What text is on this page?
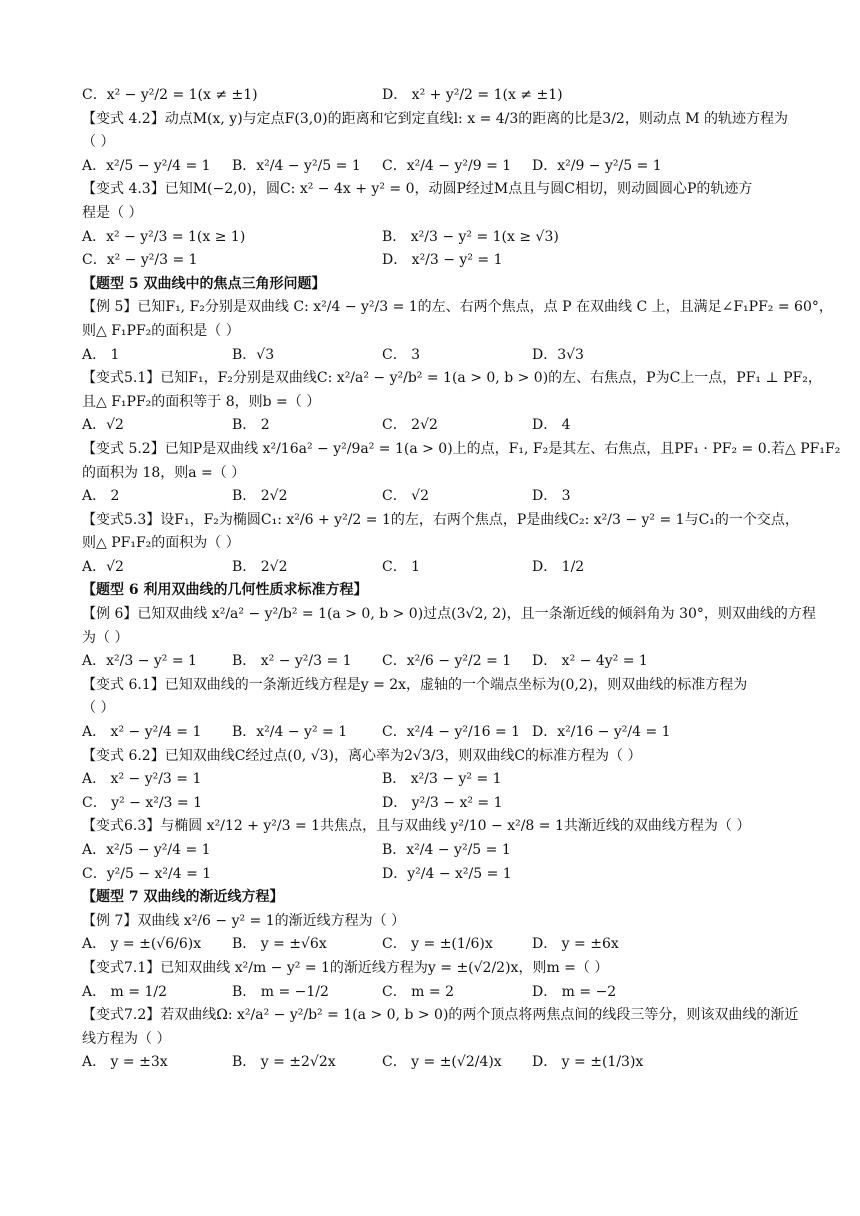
C．x² − y²/2 = 1(x ≠ ±1)	D． x² + y²/2 = 1(x ≠ ±1)
【变式 4.2】动点M(x, y)与定点F(3,0)的距离和它到定直线l: x = 4/3的距离的比是3/2，则动点 M 的轨迹方程为
（ ）
A．x²/5 − y²/4 = 1 B．x²/4 − y²/5 = 1 C．x²/4 − y²/9 = 1 D．x²/9 − y²/5 = 1
【变式 4.3】已知M(−2,0)，圆C: x² − 4x + y² = 0，动圆P经过M点且与圆C相切，则动圆圆心P的轨迹方
程是（ ）
A．x² − y²/3 = 1(x ≥ 1)	B． x²/3 − y² = 1(x ≥ √3)
C．x² − y²/3 = 1	D． x²/3 − y² = 1
【题型 5 双曲线中的焦点三角形问题】
【例 5】已知F₁, F₂分别是双曲线 C: x²/4 − y²/3 = 1的左、右两个焦点，点 P 在双曲线 C 上，且满足∠F₁PF₂ = 60°，
则△ F₁PF₂的面积是（ ）
A． 1	B．√3	C． 3	D．3√3
【变式5.1】已知F₁，F₂分别是双曲线C: x²/a² − y²/b² = 1(a > 0, b > 0)的左、右焦点，P为C上一点，PF₁ ⊥ PF₂，
且△ F₁PF₂的面积等于 8，则b =（ ）
A．√2	B． 2	C． 2√2	D． 4
【变式 5.2】已知P是双曲线 x²/16a² − y²/9a² = 1(a > 0)上的点，F₁, F₂是其左、右焦点，且PF₁ · PF₂ = 0.若△ PF₁F₂
的面积为 18，则a =（ ）
A． 2	B． 2√2	C． √2	D． 3
【变式5.3】设F₁，F₂为椭圆C₁: x²/6 + y²/2 = 1的左，右两个焦点，P是曲线C₂: x²/3 − y² = 1与C₁的一个交点，
则△ PF₁F₂的面积为（ ）
A．√2	B． 2√2	C． 1	D． 1/2
【题型 6 利用双曲线的几何性质求标准方程】
【例 6】已知双曲线 x²/a² − y²/b² = 1(a > 0, b > 0)过点(3√2, 2)，且一条渐近线的倾斜角为 30°，则双曲线的方程
为（ ）
A．x²/3 − y² = 1	B． x² − y²/3 = 1 C．x²/6 − y²/2 = 1 D． x² − 4y² = 1
【变式 6.1】已知双曲线的一条渐近线方程是y = 2x，虚轴的一个端点坐标为(0,2)，则双曲线的标准方程为
（ ）
A． x² − y²/4 = 1 B．x²/4 − y² = 1 C．x²/4 − y²/16 = 1 D．x²/16 − y²/4 = 1
【变式 6.2】已知双曲线C经过点(0, √3)，离心率为2√3/3，则双曲线C的标准方程为（ ）
A． x² − y²/3 = 1	B． x²/3 − y² = 1
C． y² − x²/3 = 1	D． y²/3 − x² = 1
【变式6.3】与椭圆 x²/12 + y²/3 = 1共焦点，且与双曲线 y²/10 − x²/8 = 1共渐近线的双曲线方程为（ ）
A．x²/5 − y²/4 = 1	B．x²/4 − y²/5 = 1
C．y²/5 − x²/4 = 1	D．y²/4 − x²/5 = 1
【题型 7 双曲线的渐近线方程】
【例 7】双曲线 x²/6 − y² = 1的渐近线方程为（ ）
A． y = ±(√6/6)x B． y = ±√6x	C． y = ±(1/6)x	D． y = ±6x
【变式7.1】已知双曲线 x²/m − y² = 1的渐近线方程为y = ±(√2/2)x，则m =（ ）
A． m = 1/2	B． m = −1/2	C． m = 2	D． m = −2
【变式7.2】若双曲线Ω: x²/a² − y²/b² = 1(a > 0, b > 0)的两个顶点将两焦点间的线段三等分，则该双曲线的渐近
线方程为（ ）
A． y = ±3x	B． y = ±2√2x	C． y = ±(√2/4)x D． y = ±(1/3)x
